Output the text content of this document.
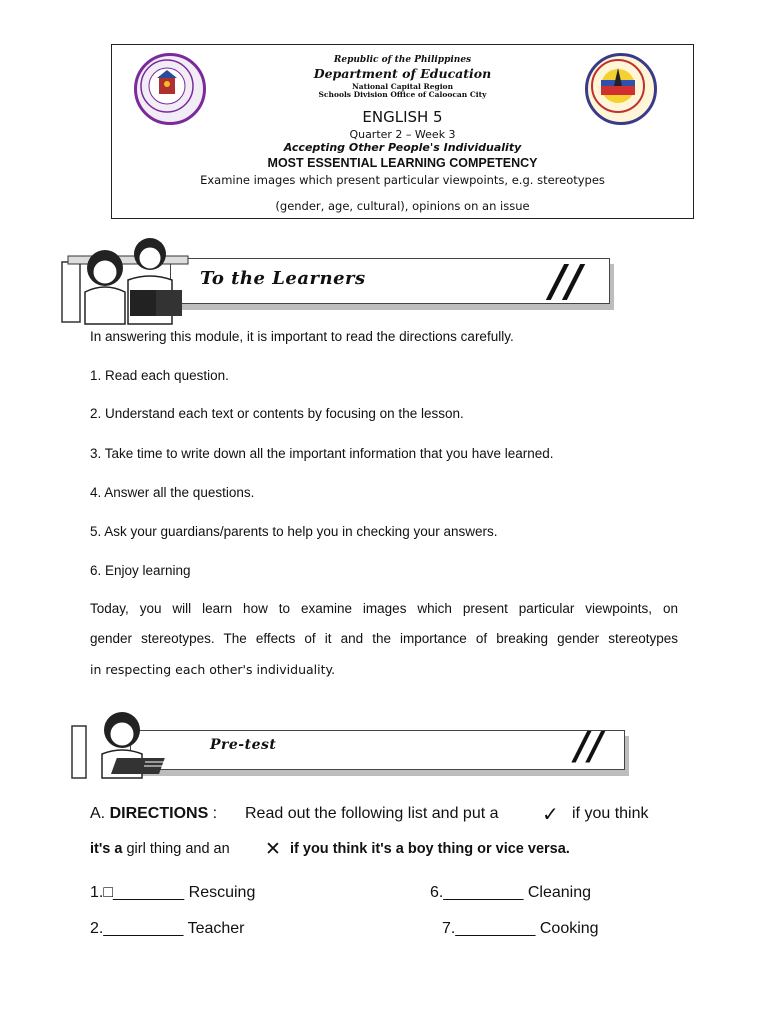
Republic of the Philippines
Department of Education
National Capital Region
Schools Division Office of Caloocan City
ENGLISH 5
Quarter 2 – Week 3
Accepting Other People's Individuality
MOST ESSENTIAL LEARNING COMPETENCY
Examine images which present particular viewpoints, e.g. stereotypes
(gender, age, cultural), opinions on an issue
To the Learners	//
In answering this module, it is important to read the directions carefully.
1. Read each question.
2. Understand each text or contents by focusing on the lesson.
3. Take time to write down all the important information that you have learned.
4. Answer all the questions.
5. Ask your guardians/parents to help you in checking your answers.
6. Enjoy learning
Today, you will learn how to examine images which present particular viewpoints, on
gender stereotypes. The effects of it and the importance of breaking gender stereotypes
in respecting each other's individuality.
Pre-test	//
A. DIRECTIONS : Read out the following list and put a ✓ if you think
it's a girl thing and an ✕ if you think it's a boy thing or vice versa.
1.□________ Rescuing	6._________ Cleaning
2._________ Teacher	7._________ Cooking
